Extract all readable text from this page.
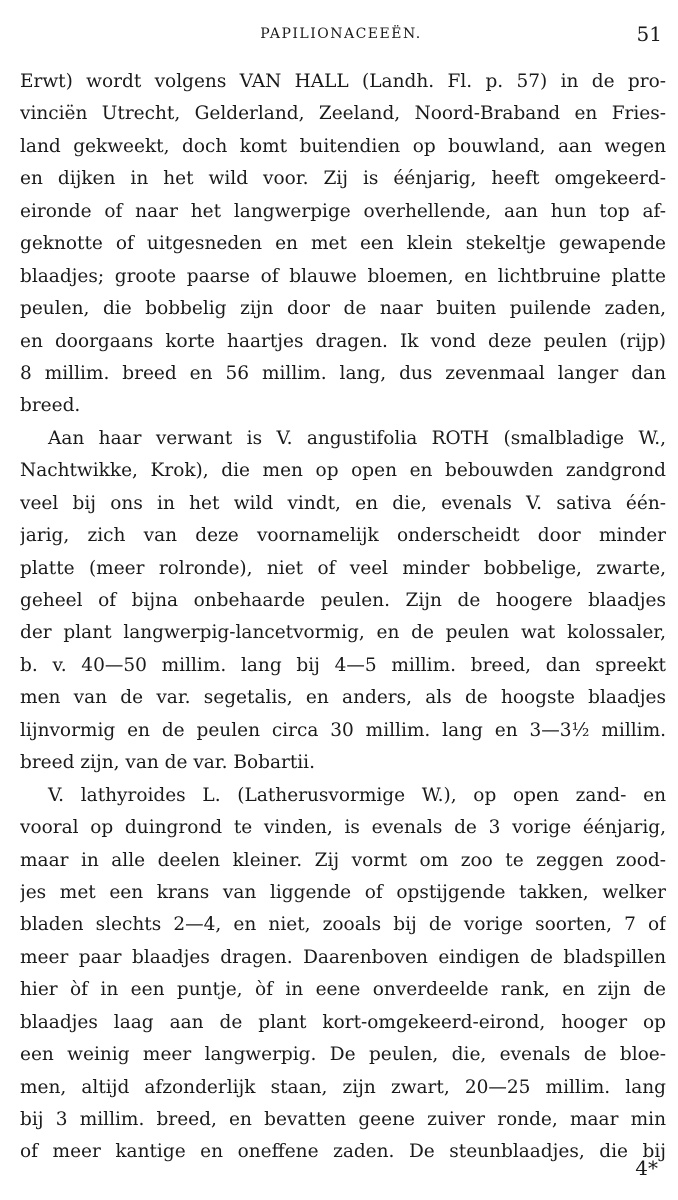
PAPILIONACEEËN.	51
Erwt) wordt volgens VAN HALL (Landh. Fl. p. 57) in de pro-
vinciën Utrecht, Gelderland, Zeeland, Noord-Braband en Fries-
land gekweekt, doch komt buitendien op bouwland, aan wegen
en dijken in het wild voor. Zij is éénjarig, heeft omgekeerd-
eironde of naar het langwerpige overhellende, aan hun top af-
geknotte of uitgesneden en met een klein stekeltje gewapende
blaadjes; groote paarse of blauwe bloemen, en lichtbruine platte
peulen, die bobbelig zijn door de naar buiten puilende zaden,
en doorgaans korte haartjes dragen. Ik vond deze peulen (rijp)
8 millim. breed en 56 millim. lang, dus zevenmaal langer dan
breed.
Aan haar verwant is V. angustifolia ROTH (smalbladige W.,
Nachtwikke, Krok), die men op open en bebouwden zandgrond
veel bij ons in het wild vindt, en die, evenals V. sativa één-
jarig, zich van deze voornamelijk onderscheidt door minder
platte (meer rolronde), niet of veel minder bobbelige, zwarte,
geheel of bijna onbehaarde peulen. Zijn de hoogere blaadjes
der plant langwerpig-lancetvormig, en de peulen wat kolossaler,
b. v. 40—50 millim. lang bij 4—5 millim. breed, dan spreekt
men van de var. segetalis, en anders, als de hoogste blaadjes
lijnvormig en de peulen circa 30 millim. lang en 3—3½ millim.
breed zijn, van de var. Bobartii.
V. lathyroides L. (Latherusvormige W.), op open zand- en
vooral op duingrond te vinden, is evenals de 3 vorige éénjarig,
maar in alle deelen kleiner. Zij vormt om zoo te zeggen zood-
jes met een krans van liggende of opstijgende takken, welker
bladen slechts 2—4, en niet, zooals bij de vorige soorten, 7 of
meer paar blaadjes dragen. Daarenboven eindigen de bladspillen
hier òf in een puntje, òf in eene onverdeelde rank, en zijn de
blaadjes laag aan de plant kort-omgekeerd-eirond, hooger op
een weinig meer langwerpig. De peulen, die, evenals de bloe-
men, altijd afzonderlijk staan, zijn zwart, 20—25 millim. lang
bij 3 millim. breed, en bevatten geene zuiver ronde, maar min
of meer kantige en oneffene zaden. De steunblaadjes, die bij
4*
